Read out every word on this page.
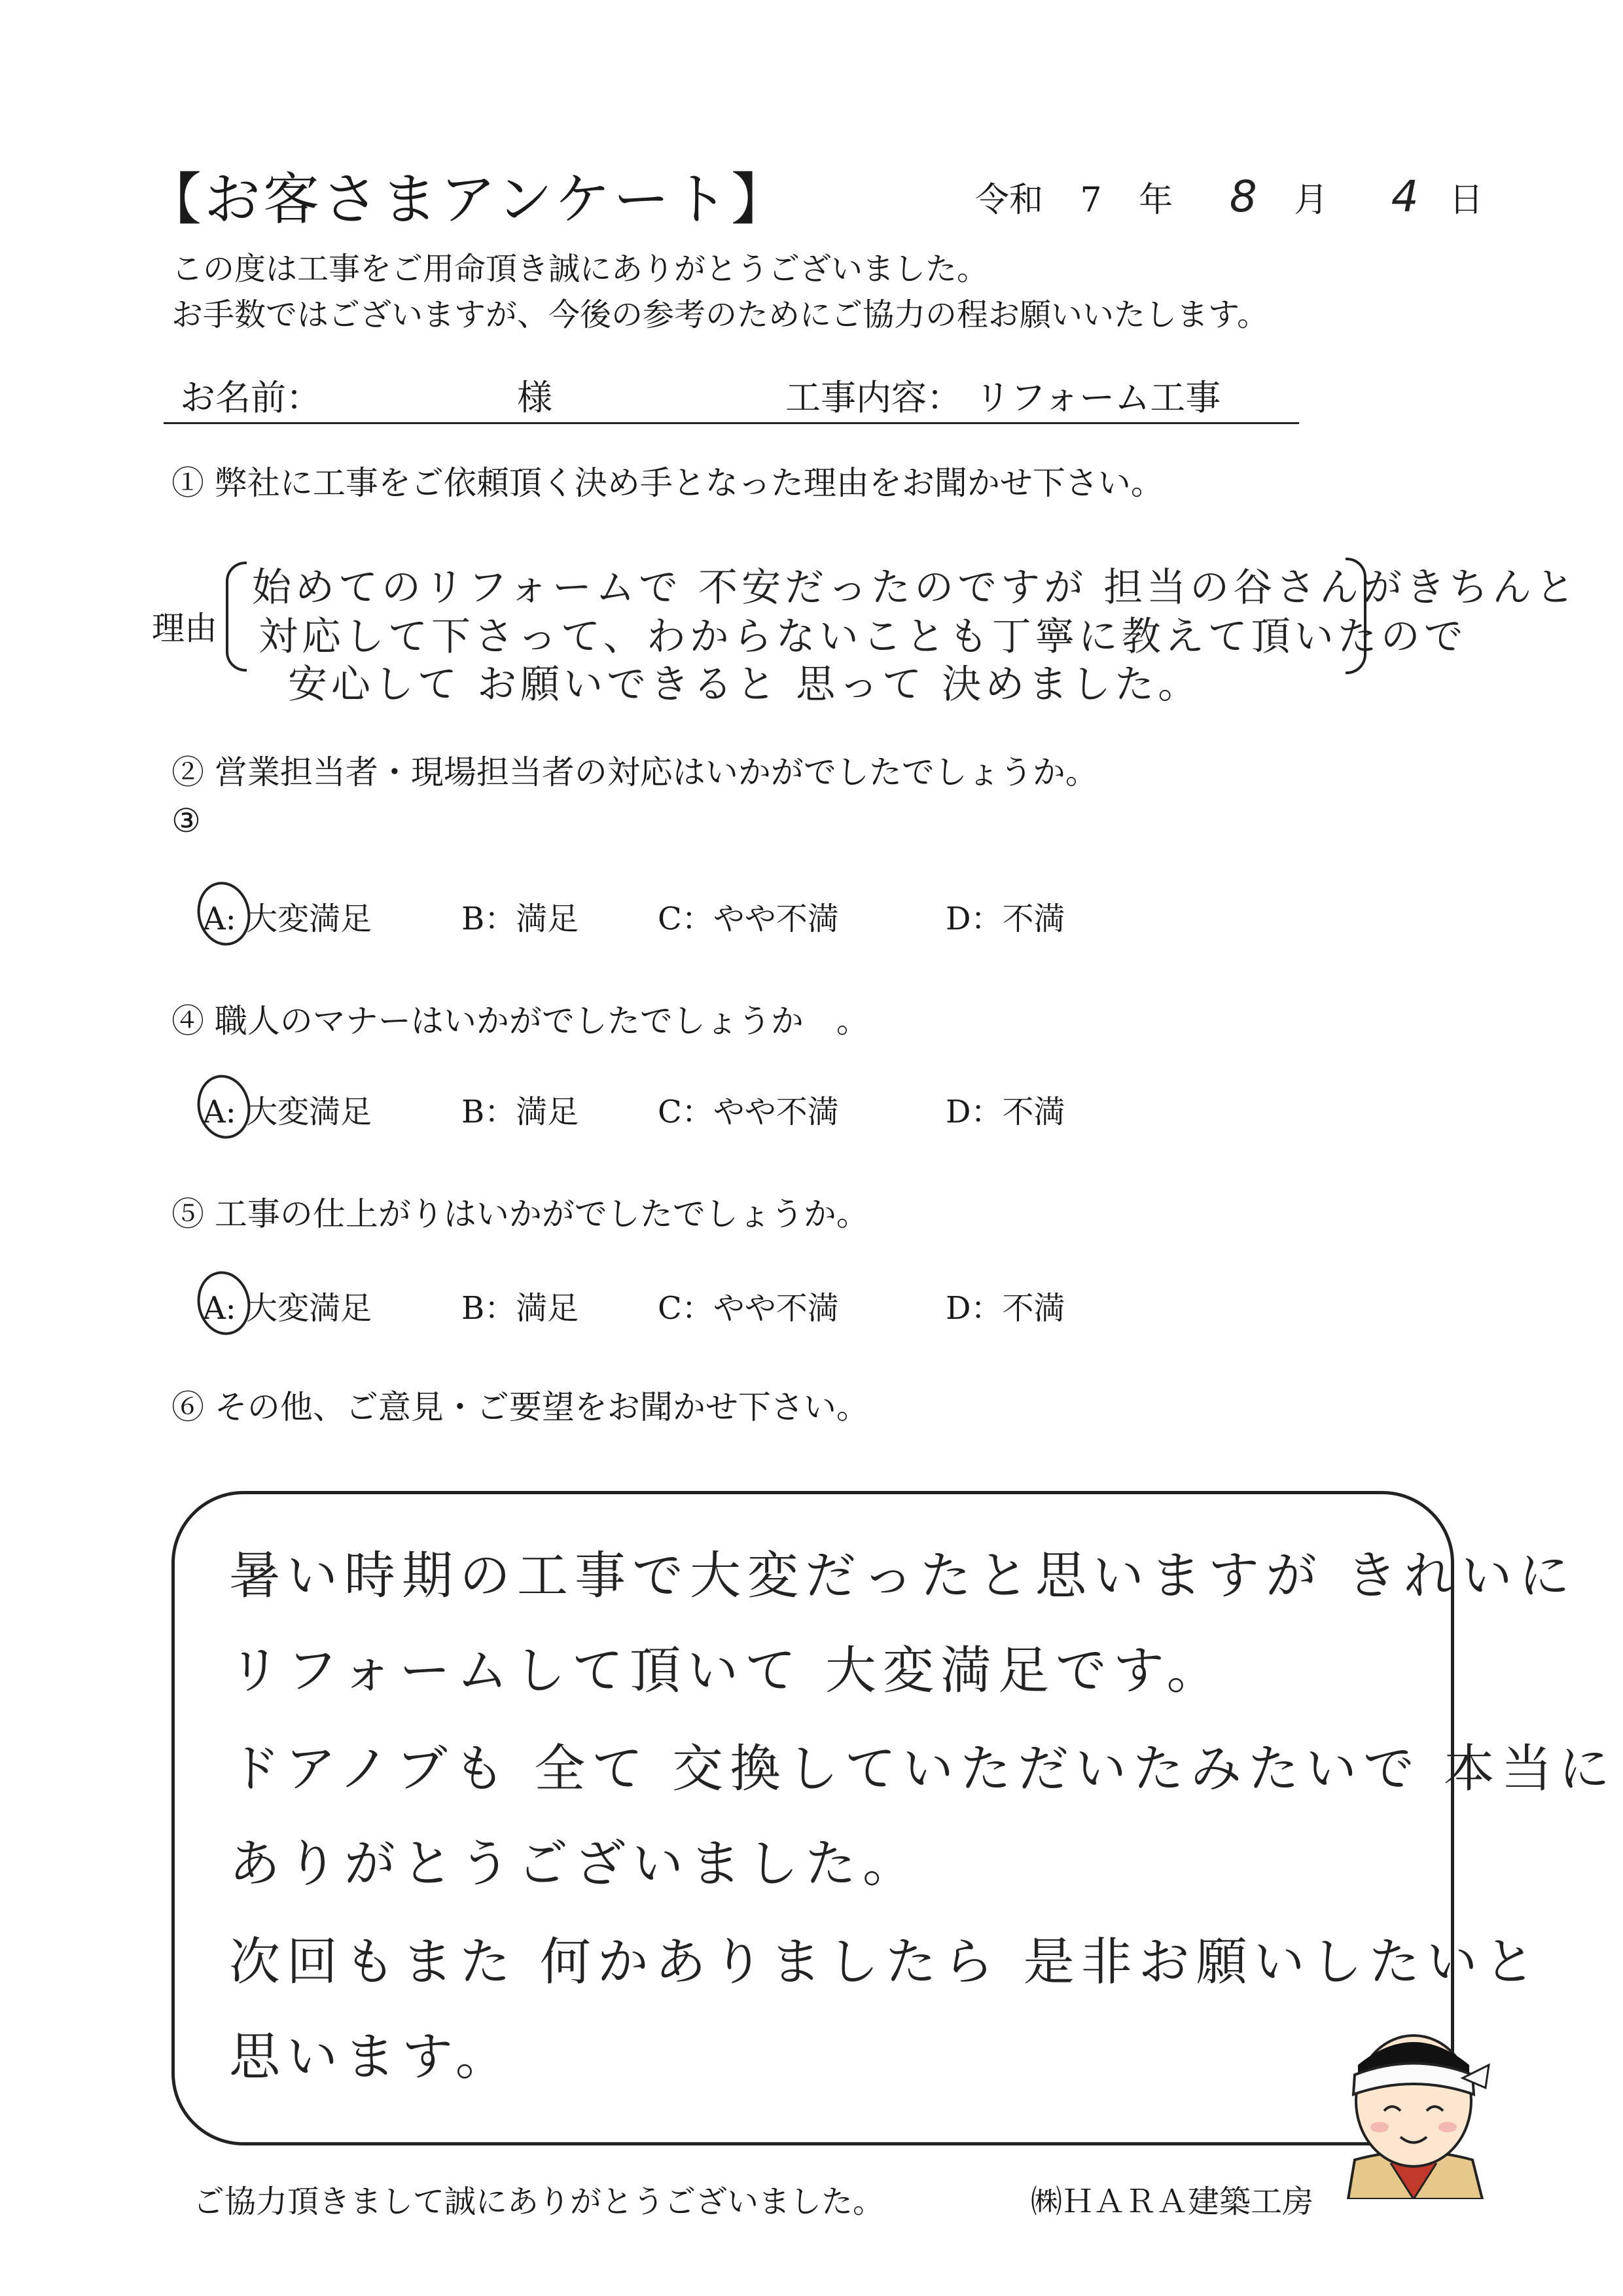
【お客さまアンケート】	令和 7 年 8 月 4 日
この度は工事をご用命頂き誠にありがとうございました。
お手数ではございますが、今後の参考のためにご協力の程お願いいたします。
お名前：	様	工事内容： リフォーム工事
① 弊社に工事をご依頼頂く決め手となった理由をお聞かせ下さい。
理由
始めてのリフォームで 不安だったのですが 担当の谷さんがきちんと
対応して下さって、わからないことも丁寧に教えて頂いたので
安心して お願いできると 思って 決めました。
② 営業担当者・現場担当者の対応はいかがでしたでしょうか。
③
A: 大変満足	B：満足	C：やや不満	D：不満
④ 職人のマナーはいかがでしたでしょうか　。
A: 大変満足	B：満足	C：やや不満	D：不満
⑤ 工事の仕上がりはいかがでしたでしょうか。
A: 大変満足	B：満足	C：やや不満	D：不満
⑥ その他、ご意見・ご要望をお聞かせ下さい。
暑い時期の工事で大変だったと思いますが きれいに
リフォームして頂いて 大変満足です。
ドアノブも 全て 交換していただいたみたいで 本当に
ありがとうございました。
次回もまた 何かありましたら 是非お願いしたいと
思います。
ご協力頂きまして誠にありがとうございました。	㈱ＨＡＲＡ建築工房
